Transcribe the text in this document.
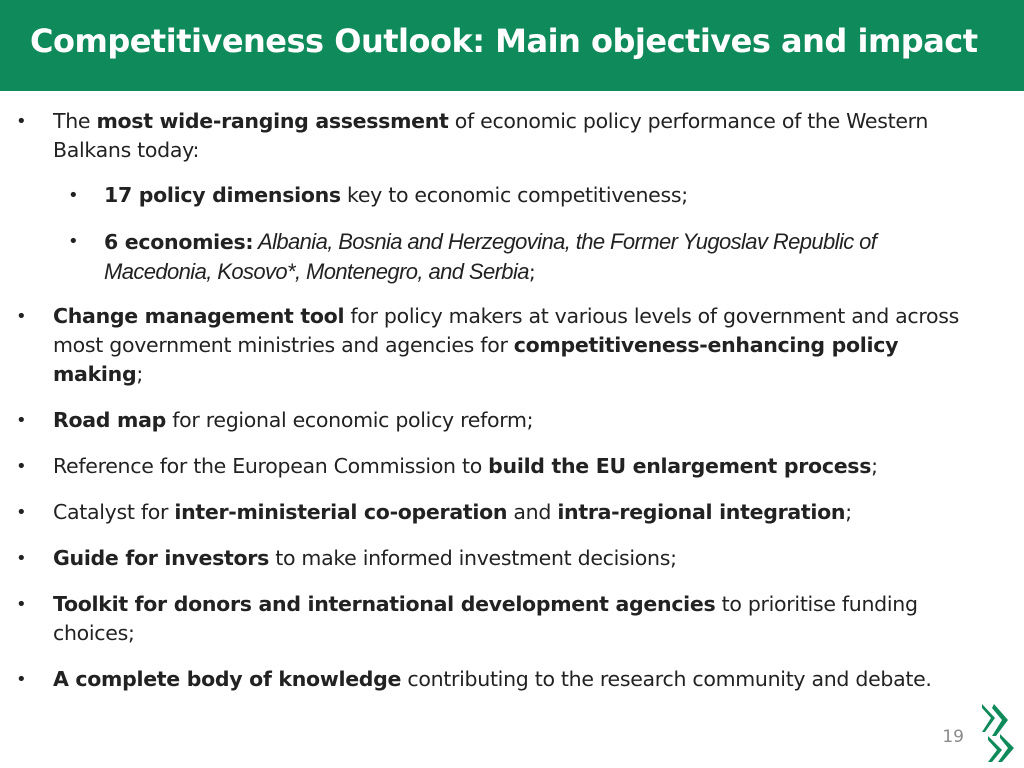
Competitiveness Outlook: Main objectives and impact
• The most wide-ranging assessment of economic policy performance of the Western Balkans today:
• 17 policy dimensions key to economic competitiveness;
• 6 economies: Albania, Bosnia and Herzegovina, the Former Yugoslav Republic of Macedonia, Kosovo*, Montenegro, and Serbia;
• Change management tool for policy makers at various levels of government and across most government ministries and agencies for competitiveness-enhancing policy making;
• Road map for regional economic policy reform;
• Reference for the European Commission to build the EU enlargement process;
• Catalyst for inter-ministerial co-operation and intra-regional integration;
• Guide for investors to make informed investment decisions;
• Toolkit for donors and international development agencies to prioritise funding choices;
• A complete body of knowledge contributing to the research community and debate.
19
